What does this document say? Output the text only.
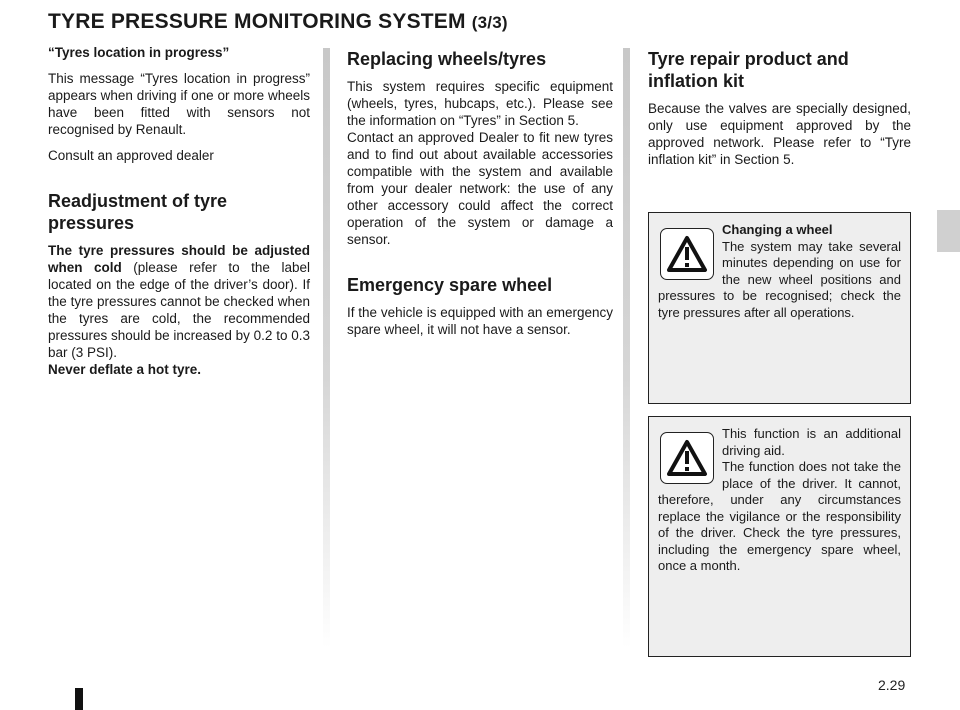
TYRE PRESSURE MONITORING SYSTEM (3/3)

“Tyres location in progress”

This message “Tyres location in progress” appears when driving if one or more wheels have been fitted with sensors not recognised by Renault.

Consult an approved dealer

Readjustment of tyre pressures

The tyre pressures should be adjusted when cold (please refer to the label located on the edge of the driver’s door). If the tyre pressures cannot be checked when the tyres are cold, the recommended pressures should be increased by 0.2 to 0.3 bar (3 PSI).
Never deflate a hot tyre.

Replacing wheels/tyres

This system requires specific equipment (wheels, tyres, hubcaps, etc.). Please see the information on “Tyres” in Section 5.

Contact an approved Dealer to fit new tyres and to find out about available accessories compatible with the system and available from your dealer network: the use of any other accessory could affect the correct operation of the system or damage a sensor.

Emergency spare wheel

If the vehicle is equipped with an emergency spare wheel, it will not have a sensor.

Tyre repair product and inflation kit

Because the valves are specially designed, only use equipment approved by the approved network. Please refer to “Tyre inflation kit” in Section 5.

Changing a wheel

The system may take several minutes depending on use for the new wheel positions and pressures to be recognised; check the tyre pressures after all operations.

This function is an additional driving aid.

The function does not take the place of the driver. It cannot, therefore, under any circumstances replace the vigilance or the responsibility of the driver. Check the tyre pressures, including the emergency spare wheel, once a month.

2.29
